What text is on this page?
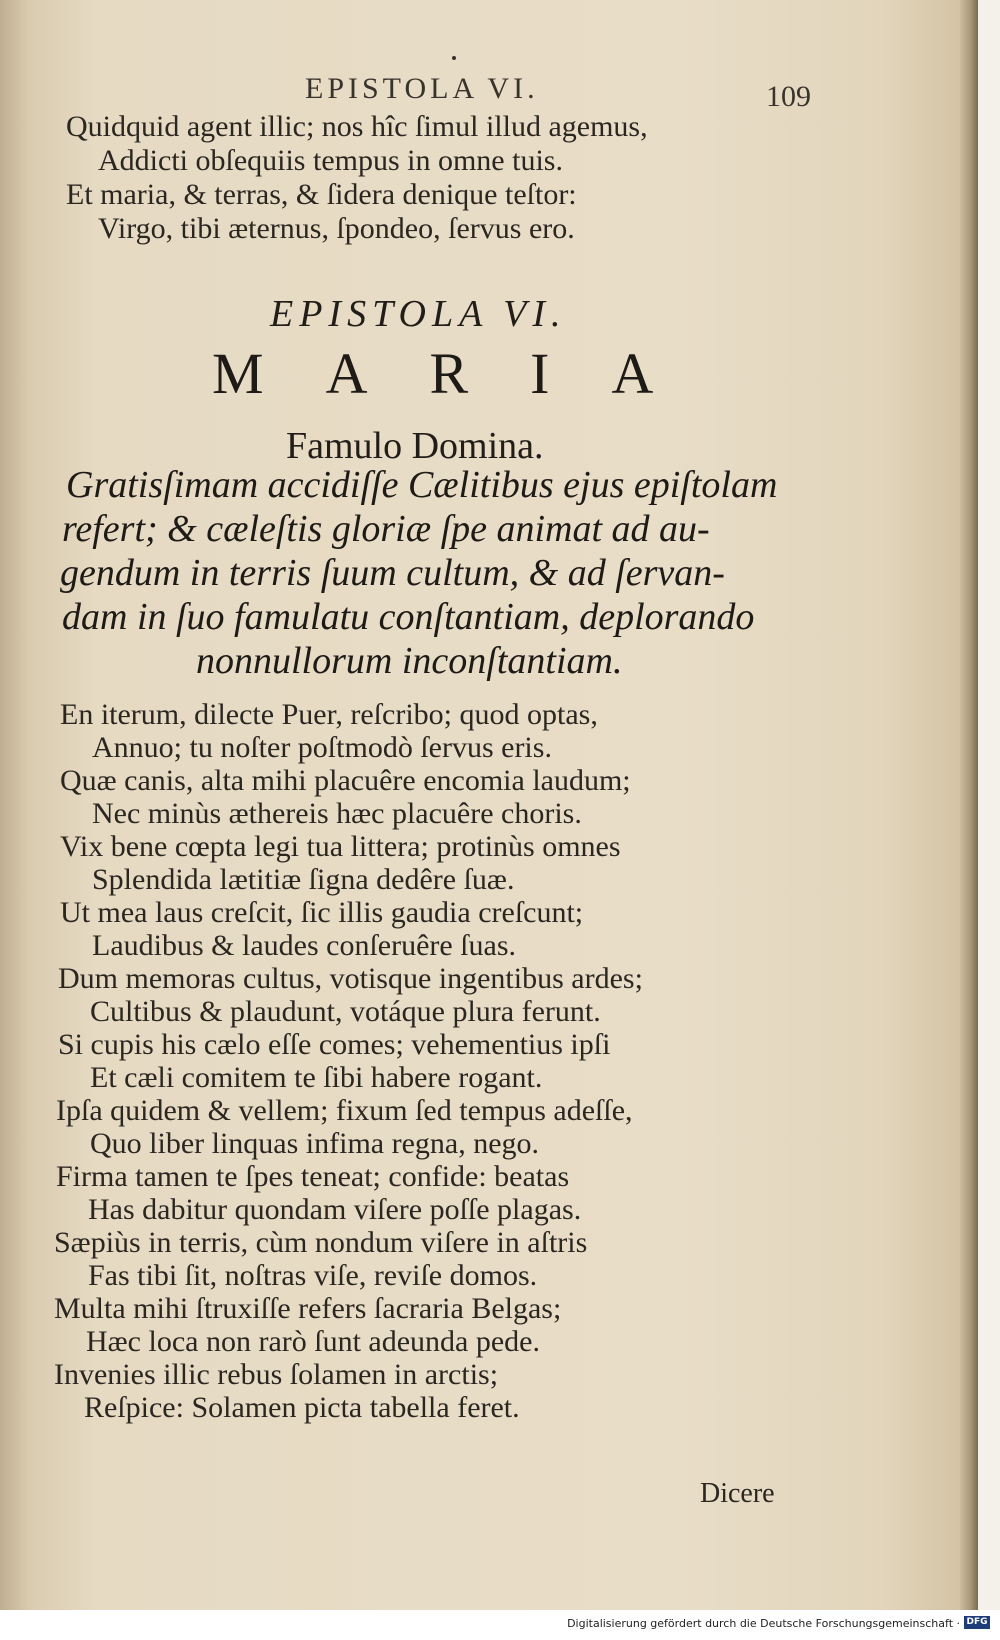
EPISTOLA VI.	109
Quidquid agent illic; nos hîc ſimul illud agemus,
Addicti obſequiis tempus in omne tuis.
Et maria, & terras, & ſidera denique teſtor:
Virgo, tibi æternus, ſpondeo, ſervus ero.
EPISTOLA VI.
MARIA
Famulo Domina.
Gratisſimam accidiſſe Cælitibus ejus epiſtolam
refert; & cæleſtis gloriæ ſpe animat ad au-
gendum in terris ſuum cultum, & ad ſervan-
dam in ſuo famulatu conſtantiam, deplorando
nonnullorum inconſtantiam.
En iterum, dilecte Puer, reſcribo; quod optas,
Annuo; tu noſter poſtmodò ſervus eris.
Quæ canis, alta mihi placuêre encomia laudum;
Nec minùs æthereis hæc placuêre choris.
Vix bene cœpta legi tua littera; protinùs omnes
Splendida lætitiæ ſigna dedêre ſuæ.
Ut mea laus creſcit, ſic illis gaudia creſcunt;
Laudibus & laudes conſeruêre ſuas.
Dum memoras cultus, votisque ingentibus ardes;
Cultibus & plaudunt, votáque plura ferunt.
Si cupis his cælo eſſe comes; vehementius ipſi
Et cæli comitem te ſibi habere rogant.
Ipſa quidem & vellem; fixum ſed tempus adeſſe,
Quo liber linquas infima regna, nego.
Firma tamen te ſpes teneat; confide: beatas
Has dabitur quondam viſere poſſe plagas.
Sæpiùs in terris, cùm nondum viſere in aſtris
Fas tibi ſit, noſtras viſe, reviſe domos.
Multa mihi ſtruxiſſe refers ſacraria Belgas;
Hæc loca non rarò ſunt adeunda pede.
Invenies illic rebus ſolamen in arctis;
Reſpice: Solamen picta tabella feret.
Dicere
Digitalisierung gefördert durch die Deutsche Forschungsgemeinschaft · DFG
